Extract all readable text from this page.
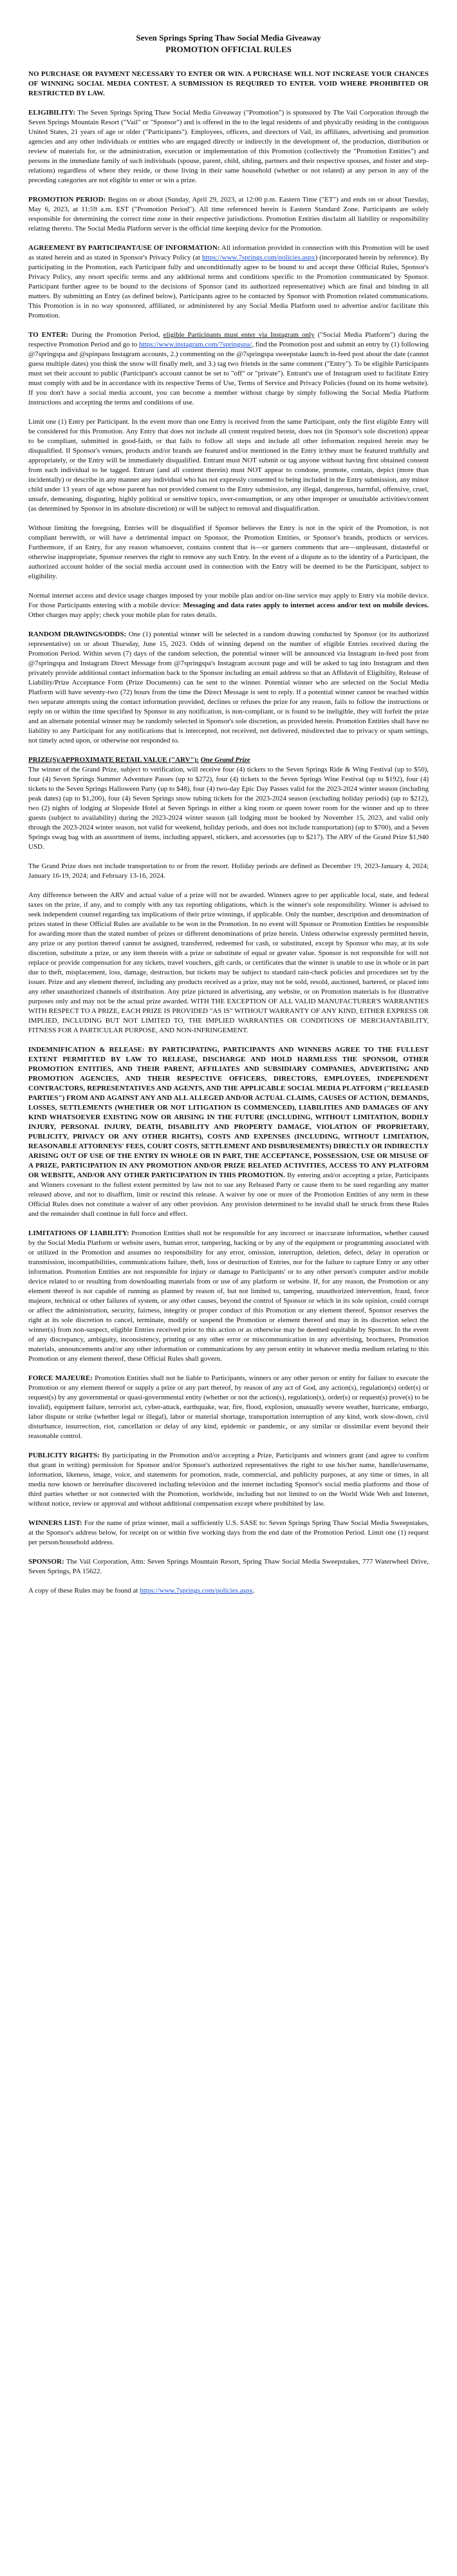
Seven Springs Spring Thaw Social Media Giveaway

PROMOTION OFFICIAL RULES

NO PURCHASE OR PAYMENT NECESSARY TO ENTER OR WIN. A PURCHASE WILL NOT INCREASE YOUR CHANCES OF WINNING SOCIAL MEDIA CONTEST. A SUBMISSION IS REQUIRED TO ENTER. VOID WHERE PROHIBITED OR RESTRICTED BY LAW.

ELIGIBILITY: The Seven Springs Spring Thaw Social Media Giveaway ("Promotion") is sponsored by The Vail Corporation through the Seven Springs Mountain Resort ("Vail" or "Sponsor") and is offered in the to the legal residents of and physically residing in the contiguous United States, 21 years of age or older ("Participants"). Employees, officers, and directors of Vail, its affiliates, advertising and promotion agencies and any other individuals or entities who are engaged directly or indirectly in the development of, the production, distribution or review of materials for, or the administration, execution or implementation of this Promotion (collectively the "Promotion Entities") and persons in the immediate family of such individuals (spouse, parent, child, sibling, partners and their respective spouses, and foster and step-relations) regardless of where they reside, or those living in their same household (whether or not related) at any person in any of the preceding categories are not eligible to enter or win a prize.

PROMOTION PERIOD: Begins on or about (Sunday, April 29, 2023, at 12:00 p.m. Eastern Time ("ET") and ends on or about Tuesday, May 6, 2023, at 11:59 a.m. EST ("Promotion Period"). All time referenced herein is Eastern Standard Zone. Participants are solely responsible for determining the correct time zone in their respective jurisdictions. Promotion Entities disclaim all liability or responsibility relating thereto. The Social Media Platform server is the official time keeping device for the Promotion.

AGREEMENT BY PARTICIPANT/USE OF INFORMATION: All information provided in connection with this Promotion will be used as stated herein and as stated in Sponsor's Privacy Policy (at https://www.7springs.com/policies.aspx) (incorporated herein by reference). By participating in the Promotion, each Participant fully and unconditionally agree to be bound to and accept these Official Rules, Sponsor's Privacy Policy, any resort specific terms and any additional terms and conditions specific to the Promotion communicated by Sponsor. Participant further agree to be bound to the decisions of Sponsor (and its authorized representative) which are final and binding in all matters. By submitting an Entry (as defined below), Participants agree to be contacted by Sponsor with Promotion related communications. This Promotion is in no way sponsored, affiliated, or administered by any Social Media Platform used to advertise and/or facilitate this Promotion.

TO ENTER: During the Promotion Period, eligible Participants must enter via Instagram only ("Social Media Platform") during the respective Promotion Period and go to https://www.instagram.com/7springspa/, find the Promotion post and submit an entry by (1) following @7springspa and @spinpass Instagram accounts, 2.) commenting on the @7springspa sweepstake launch in-feed post about the date (cannot guess multiple dates) you think the snow will finally melt, and 3.) tag two friends in the same comment ("Entry"). To be eligible Participants must set their account to public (Participant's account cannot be set to "off" or "private"). Entrant's use of Instagram used to facilitate Entry must comply with and be in accordance with its respective Terms of Use, Terms of Service and Privacy Policies (found on its home website). If you don't have a social media account, you can become a member without charge by simply following the Social Media Platform instructions and accepting the terms and conditions of use.

Limit one (1) Entry per Participant. In the event more than one Entry is received from the same Participant, only the first eligible Entry will be considered for this Promotion. Any Entry that does not include all content required herein, does not (in Sponsor's sole discretion) appear to be compliant, submitted in good-faith, or that fails to follow all steps and include all other information required herein may be disqualified. If Sponsor's venues, products and/or brands are featured and/or mentioned in the Entry it/they must be featured truthfully and appropriately, or the Entry will be immediately disqualified. Entrant must NOT submit or tag anyone without having first obtained consent from each individual to be tagged. Entrant (and all content therein) must NOT appear to condone, promote, contain, depict (more than incidentally) or describe in any manner any individual who has not expressly consented to being included in the Entry submission, any minor child under 13 years of age whose parent has not provided consent to the Entry submission, any illegal, dangerous, harmful, offensive, cruel, unsafe, demeaning, disgusting, highly political or sensitive topics, over-consumption, or any other improper or unsuitable activities/content (as determined by Sponsor in its absolute discretion) or will be subject to removal and disqualification.

Without limiting the foregoing, Entries will be disqualified if Sponsor believes the Entry is not in the spirit of the Promotion, is not compliant herewith, or will have a detrimental impact on Sponsor, the Promotion Entities, or Sponsor's brands, products or services. Furthermore, if an Entry, for any reason whatsoever, contains content that is—or garners comments that are—unpleasant, distasteful or otherwise inappropriate, Sponsor reserves the right to remove any such Entry. In the event of a dispute as to the identity of a Participant, the authorized account holder of the social media account used in connection with the Entry will be deemed to be the Participant, subject to eligibility.

Normal internet access and device usage charges imposed by your mobile plan and/or on-line service may apply to Entry via mobile device. For those Participants entering with a mobile device: Messaging and data rates apply to internet access and/or text on mobile devices. Other charges may apply; check your mobile plan for rates details.

RANDOM DRAWINGS/ODDS: One (1) potential winner will be selected in a random drawing conducted by Sponsor (or its authorized representative) on or about Thursday, June 15, 2023. Odds of winning depend on the number of eligible Entries received during the Promotion Period. Within seven (7) days of the random selection, the potential winner will be announced via Instagram in-feed post from @7springspa and Instagram Direct Message from @7springspa's Instagram account page and will be asked to tag into Instagram and then privately provide additional contact information back to the Sponsor including an email address so that an Affidavit of Eligibility, Release of Liability/Prize Acceptance Form (Prize Documents) can be sent to the winner. Potential winner who are selected on the Social Media Platform will have seventy-two (72) hours from the time the Direct Message is sent to reply. If a potential winner cannot be reached within two separate attempts using the contact information provided, declines or refuses the prize for any reason, fails to follow the instructions or reply on or within the time specified by Sponsor in any notification, is non-compliant, or is found to be ineligible, they will forfeit the prize and an alternate potential winner may be randomly selected in Sponsor's sole discretion, as provided herein. Promotion Entities shall have no liability to any Participant for any notifications that is intercepted, not received, not delivered, misdirected due to privacy or spam settings, not timely acted upon, or otherwise not responded to.

PRIZE(S)/APPROXIMATE RETAIL VALUE ("ARV"): One Grand Prize

The winner of the Grand Prize, subject to verification, will receive four (4) tickets to the Seven Springs Ride & Wing Festival (up to $50), four (4) Seven Springs Summer Adventure Passes (up to $272), four (4) tickets to the Seven Springs Wine Festival (up to $192), four (4) tickets to the Seven Springs Halloween Party (up to $48), four (4) two-day Epic Day Passes valid for the 2023-2024 winter season (including peak dates) (up to $1,200), four (4) Seven Springs snow tubing tickets for the 2023-2024 season (excluding holiday periods) (up to $212), two (2) nights of lodging at Slopeside Hotel at Seven Springs in either a king room or queen tower room for the winner and up to three guests (subject to availability) during the 2023-2024 winter season (all lodging must be booked by November 15, 2023, and valid only through the 2023-2024 winter season, not valid for weekend, holiday periods, and does not include transportation) (up to $700), and a Seven Springs swag bag with an assortment of items, including apparel, stickers, and accessories (up to $217). The ARV of the Grand Prize $1,940 USD.

The Grand Prize does not include transportation to or from the resort. Holiday periods are defined as December 19, 2023-January 4, 2024; January 16-19, 2024; and February 13-16, 2024.

Any difference between the ARV and actual value of a prize will not be awarded. Winners agree to per applicable local, state, and federal taxes on the prize, if any, and to comply with any tax reporting obligations, which is the winner's sole responsibility. Winner is advised to seek independent counsel regarding tax implications of their prize winnings, if applicable. Only the number, description and denomination of prizes stated in these Official Rules are available to be won in the Promotion. In no event will Sponsor or Promotion Entities be responsible for awarding more than the stated number of prizes or different denominations of prize herein. Unless otherwise expressly permitted herein, any prize or any portion thereof cannot be assigned, transferred, redeemed for cash, or substituted, except by Sponsor who may, at its sole discretion, substitute a prize, or any item therein with a prize or substitute of equal or greater value. Sponsor is not responsible for will not replace or provide compensation for any tickets, travel vouchers, gift cards, or certificates that the winner is unable to use in whole or in part due to theft, misplacement, loss, damage, destruction, but tickets may be subject to standard rain-check policies and procedures set by the issuer. Prize and any element thereof, including any products received as a prize, may not be sold, resold, auctioned, bartered, or placed into any other unauthorized channels of distribution. Any prize pictured in advertising, any website, or on Promotion materials is for illustrative purposes only and may not be the actual prize awarded. WITH THE EXCEPTION OF ALL VALID MANUFACTURER'S WARRANTIES WITH RESPECT TO A PRIZE, EACH PRIZE IS PROVIDED "AS IS" WITHOUT WARRANTY OF ANY KIND, EITHER EXPRESS OR IMPLIED, INCLUDING BUT NOT LIMITED TO, THE IMPLIED WARRANTIES OR CONDITIONS OF MERCHANTABILITY, FITNESS FOR A PARTICULAR PURPOSE, AND NON-INFRINGEMENT.

INDEMNIFICATION & RELEASE: BY PARTICIPATING, PARTICIPANTS AND WINNERS AGREE TO THE FULLEST EXTENT PERMITTED BY LAW TO RELEASE, DISCHARGE AND HOLD HARMLESS THE SPONSOR, OTHER PROMOTION ENTITIES, AND THEIR PARENT, AFFILIATES AND SUBSIDIARY COMPANIES, ADVERTISING AND PROMOTION AGENCIES, AND THEIR RESPECTIVE OFFICERS, DIRECTORS, EMPLOYEES, INDEPENDENT CONTRACTORS, REPRESENTATIVES AND AGENTS, AND THE APPLICABLE SOCIAL MEDIA PLATFORM ("RELEASED PARTIES") FROM AND AGAINST ANY AND ALL ALLEGED AND/OR ACTUAL CLAIMS, CAUSES OF ACTION, DEMANDS, LOSSES, SETTLEMENTS (WHETHER OR NOT LITIGATION IS COMMENCED), LIABILITIES AND DAMAGES OF ANY KIND WHATSOEVER EXISTING NOW OR ARISING IN THE FUTURE (INCLUDING, WITHOUT LIMITATION, BODILY INJURY, PERSONAL INJURY, DEATH, DISABILITY AND PROPERTY DAMAGE, VIOLATION OF PROPRIETARY, PUBLICITY, PRIVACY OR ANY OTHER RIGHTS), COSTS AND EXPENSES (INCLUDING, WITHOUT LIMITATION, REASONABLE ATTORNEYS' FEES, COURT COSTS, SETTLEMENT AND DISBURSEMENTS) DIRECTLY OR INDIRECTLY ARISING OUT OF USE OF THE ENTRY IN WHOLE OR IN PART, THE ACCEPTANCE, POSSESSION, USE OR MISUSE OF A PRIZE, PARTICIPATION IN ANY PROMOTION AND/OR PRIZE RELATED ACTIVITIES, ACCESS TO ANY PLATFORM OR WEBSITE, AND/OR ANY OTHER PARTICIPATION IN THIS PROMOTION. By entering and/or accepting a prize, Participants and Winners covenant to the fullest extent permitted by law not to sue any Released Party or cause them to be sued regarding any matter released above, and not to disaffirm, limit or rescind this release. A waiver by one or more of the Promotion Entities of any term in these Official Rules does not constitute a waiver of any other provision. Any provision determined to be invalid shall be struck from these Rules and the remainder shall continue in full force and effect.

LIMITATIONS OF LIABILITY: Promotion Entities shall not be responsible for any incorrect or inaccurate information, whether caused by the Social Media Platform or website users, human error, tampering, hacking or by any of the equipment or programming associated with or utilized in the Promotion and assumes no responsibility for any error, omission, interruption, deletion, defect, delay in operation or transmission, incompatibilities, communications failure, theft, loss or destruction of Entries, nor for the failure to capture Entry or any other information. Promotion Entities are not responsible for injury or damage to Participants' or to any other person's computer and/or mobile device related to or resulting from downloading materials from or use of any platform or website. If, for any reason, the Promotion or any element thereof is not capable of running as planned by reason of, but not limited to, tampering, unauthorized intervention, fraud, force majeure, technical or other failures of system, or any other causes, beyond the control of Sponsor or which in its sole opinion, could corrupt or affect the administration, security, fairness, integrity or proper conduct of this Promotion or any element thereof, Sponsor reserves the right at its sole discretion to cancel, terminate, modify or suspend the Promotion or element thereof and may in its discretion select the winner(s) from non-suspect, eligible Entries received prior to this action or as otherwise may be deemed equitable by Sponsor. In the event of any discrepancy, ambiguity, inconsistency, printing or any other error or miscommunication in any advertising, brochures, Promotion materials, announcements and/or any other information or communications by any person entity in whatever media medium relating to this Promotion or any element thereof, these Official Rules shall govern.

FORCE MAJEURE: Promotion Entities shall not be liable to Participants, winners or any other person or entity for failure to execute the Promotion or any element thereof or supply a prize or any part thereof, by reason of any act of God, any action(s), regulation(s) order(s) or request(s) by any governmental or quasi-governmental entity (whether or not the action(s), regulation(s), order(s) or request(s) prove(s) to be invalid), equipment failure, terrorist act, cyber-attack, earthquake, war, fire, flood, explosion, unusually severe weather, hurricane, embargo, labor dispute or strike (whether legal or illegal), labor or material shortage, transportation interruption of any kind, work slow-down, civil disturbance, insurrection, riot, cancellation or delay of any kind, epidemic or pandemic, or any similar or dissimilar event beyond their reasonable control.

PUBLICITY RIGHTS: By participating in the Promotion and/or accepting a Prize, Participants and winners grant (and agree to confirm that grant in writing) permission for Sponsor and/or Sponsor's authorized representatives the right to use his/her name, handle/username, information, likeness, image, voice, and statements for promotion, trade, commercial, and publicity purposes, at any time or times, in all media now known or hereinafter discovered including television and the internet including Sponsor's social media platforms and those of third parties whether or not connected with the Promotion, worldwide, including but not limited to on the World Wide Web and Internet, without notice, review or approval and without additional compensation except where prohibited by law.

WINNERS LIST: For the name of prize winner, mail a sufficiently U.S. SASE to: Seven Springs Spring Thaw Social Media Sweepstakes, at the Sponsor's address below, for receipt on or within five working days from the end date of the Promotion Period. Limit one (1) request per person/household address.

SPONSOR: The Vail Corporation, Attn: Seven Springs Mountain Resort, Spring Thaw Social Media Sweepstakes, 777 Waterwheel Drive, Seven Springs, PA 15622.

A copy of these Rules may be found at https://www.7springs.com/policies.aspx.
